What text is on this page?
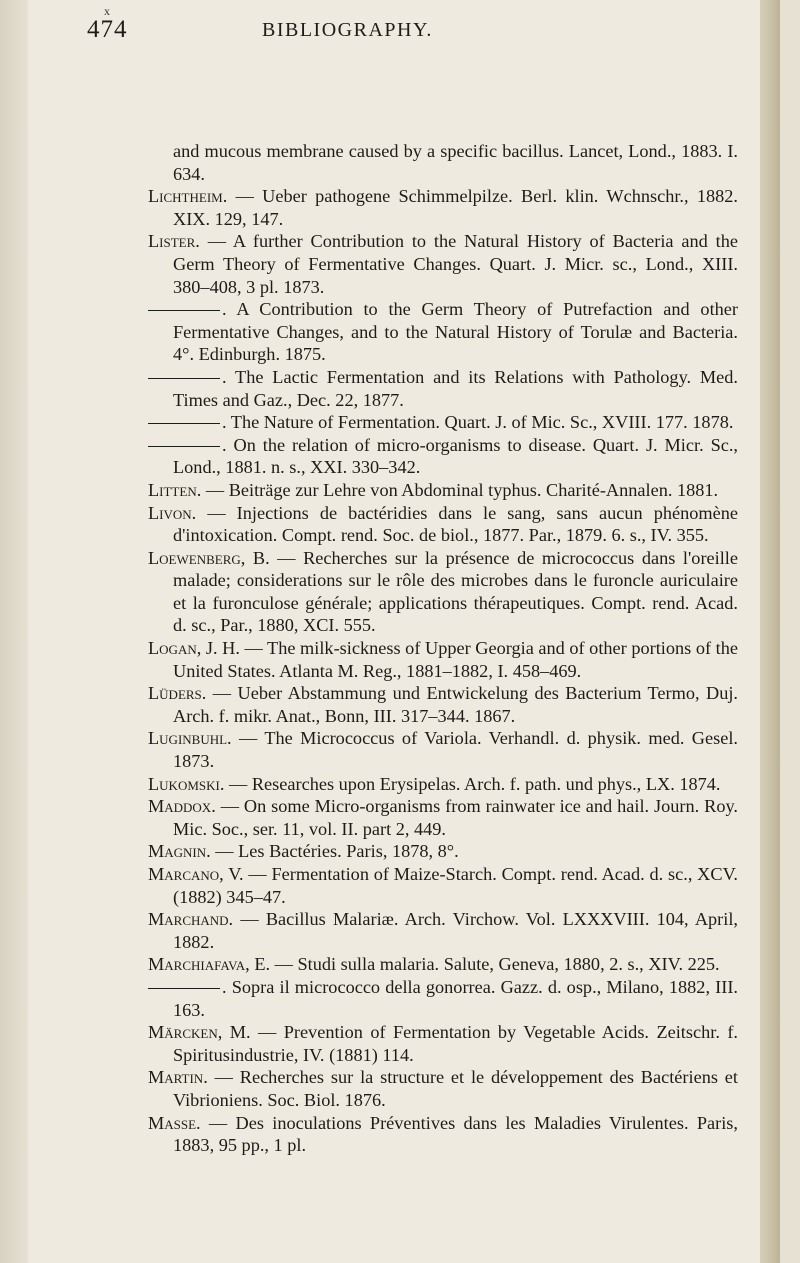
x
474	BIBLIOGRAPHY.

and mucous membrane caused by a specific bacillus. Lancet, Lond., 1883. I. 634.

Lichtheim. — Ueber pathogene Schimmelpilze. Berl. klin. Wchnschr., 1882. XIX. 129, 147.

Lister. — A further Contribution to the Natural History of Bacteria and the Germ Theory of Fermentative Changes. Quart. J. Micr. sc., Lond., XIII. 380–408, 3 pl. 1873.

. A Contribution to the Germ Theory of Putrefaction and other Fermentative Changes, and to the Natural History of Torulæ and Bacteria. 4°. Edinburgh. 1875.

. The Lactic Fermentation and its Relations with Pathology. Med. Times and Gaz., Dec. 22, 1877.

. The Nature of Fermentation. Quart. J. of Mic. Sc., XVIII. 177. 1878.

. On the relation of micro-organisms to disease. Quart. J. Micr. Sc., Lond., 1881. n. s., XXI. 330–342.

Litten. — Beiträge zur Lehre von Abdominal typhus. Charité-Annalen. 1881.

Livon. — Injections de bactéridies dans le sang, sans aucun phénomène d'intoxication. Compt. rend. Soc. de biol., 1877. Par., 1879. 6. s., IV. 355.

Loewenberg, B. — Recherches sur la présence de micrococcus dans l'oreille malade; considerations sur le rôle des microbes dans le furoncle auriculaire et la furonculose générale; applications thérapeutiques. Compt. rend. Acad. d. sc., Par., 1880, XCI. 555.

Logan, J. H. — The milk-sickness of Upper Georgia and of other portions of the United States. Atlanta M. Reg., 1881–1882, I. 458–469.

Lüders. — Ueber Abstammung und Entwickelung des Bacterium Termo, Duj. Arch. f. mikr. Anat., Bonn, III. 317–344. 1867.

Luginbuhl. — The Micrococcus of Variola. Verhandl. d. physik. med. Gesel. 1873.

Lukomski. — Researches upon Erysipelas. Arch. f. path. und phys., LX. 1874.

Maddox. — On some Micro-organisms from rainwater ice and hail. Journ. Roy. Mic. Soc., ser. 11, vol. II. part 2, 449.

Magnin. — Les Bactéries. Paris, 1878, 8°.

Marcano, V. — Fermentation of Maize-Starch. Compt. rend. Acad. d. sc., XCV. (1882) 345–47.

Marchand. — Bacillus Malariæ. Arch. Virchow. Vol. LXXXVIII. 104, April, 1882.

Marchiafava, E. — Studi sulla malaria. Salute, Geneva, 1880, 2. s., XIV. 225.

. Sopra il micrococco della gonorrea. Gazz. d. osp., Milano, 1882, III. 163.

Märcken, M. — Prevention of Fermentation by Vegetable Acids. Zeitschr. f. Spiritusindustrie, IV. (1881) 114.

Martin. — Recherches sur la structure et le développement des Bactériens et Vibrioniens. Soc. Biol. 1876.

Masse. — Des inoculations Préventives dans les Maladies Virulentes. Paris, 1883, 95 pp., 1 pl.
